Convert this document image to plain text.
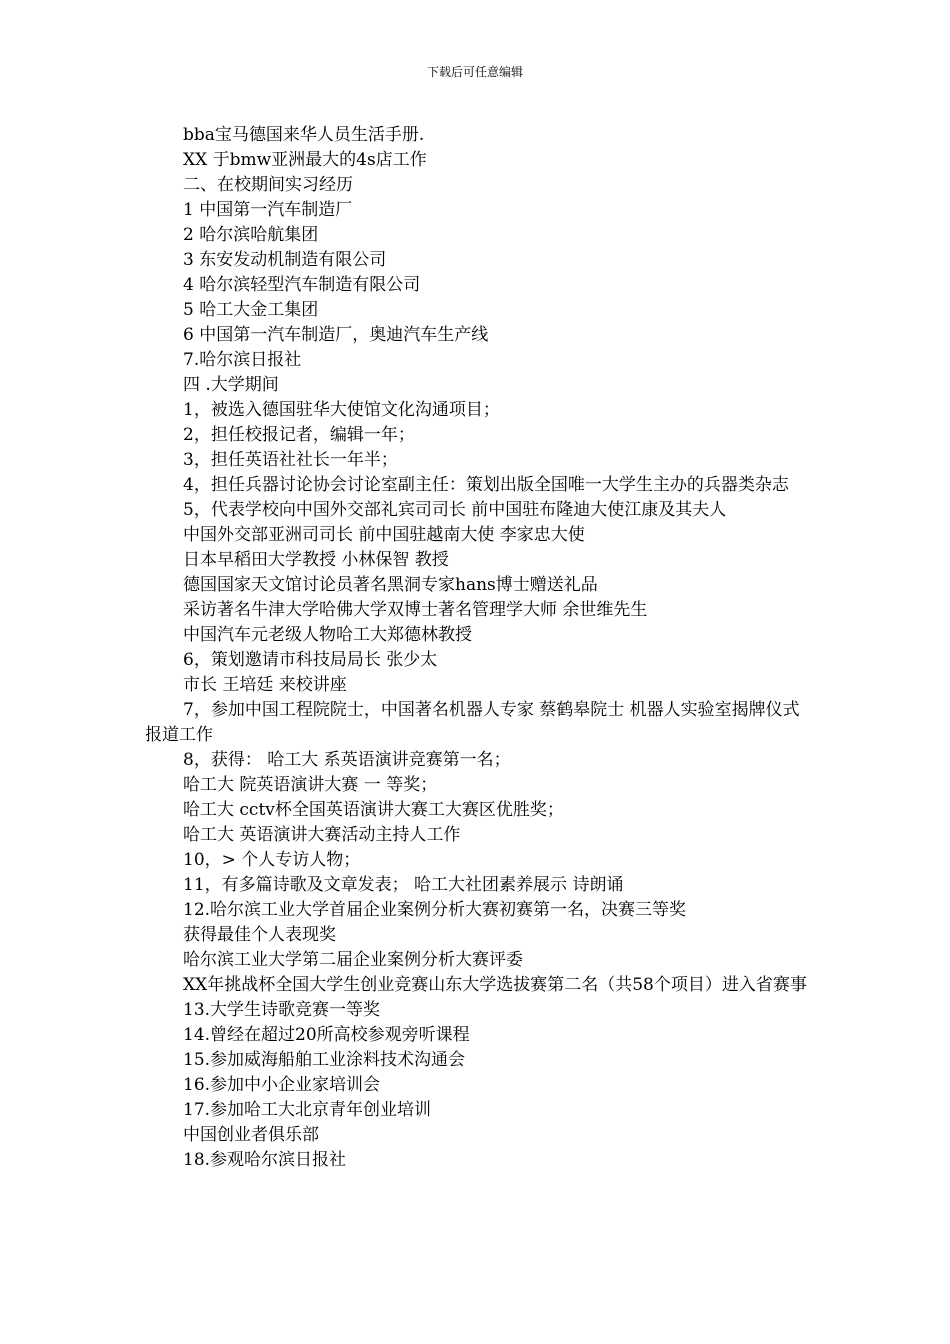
下载后可任意编辑
bba宝马德国来华人员生活手册.
XX 于bmw亚洲最大的4s店工作
二、在校期间实习经历
1 中国第一汽车制造厂
2 哈尔滨哈航集团
3 东安发动机制造有限公司
4 哈尔滨轻型汽车制造有限公司
5 哈工大金工集团
6 中国第一汽车制造厂，奥迪汽车生产线
7.哈尔滨日报社
四 .大学期间
1，被选入德国驻华大使馆文化沟通项目；
2，担任校报记者，编辑一年；
3，担任英语社社长一年半；
4，担任兵器讨论协会讨论室副主任：策划出版全国唯一大学生主办的兵器类杂志
5，代表学校向中国外交部礼宾司司长 前中国驻布隆迪大使江康及其夫人
中国外交部亚洲司司长 前中国驻越南大使 李家忠大使
日本早稻田大学教授 小林保智 教授
德国国家天文馆讨论员著名黑洞专家hans博士赠送礼品
采访著名牛津大学哈佛大学双博士著名管理学大师 余世维先生
中国汽车元老级人物哈工大郑德林教授
6，策划邀请市科技局局长 张少太
市长 王培廷 来校讲座
7，参加中国工程院院士，中国著名机器人专家 蔡鹤皋院士 机器人实验室揭牌仪式报道工作
8，获得： 哈工大 系英语演讲竞赛第一名；
哈工大 院英语演讲大赛 一 等奖；
哈工大 cctv杯全国英语演讲大赛工大赛区优胜奖；
哈工大 英语演讲大赛活动主持人工作
10，> 个人专访人物；
11，有多篇诗歌及文章发表； 哈工大社团素养展示 诗朗诵
12.哈尔滨工业大学首届企业案例分析大赛初赛第一名，决赛三等奖
获得最佳个人表现奖
哈尔滨工业大学第二届企业案例分析大赛评委
XX年挑战杯全国大学生创业竞赛山东大学选拔赛第二名（共58个项目）进入省赛事
13.大学生诗歌竞赛一等奖
14.曾经在超过20所高校参观旁听课程
15.参加威海船舶工业涂料技术沟通会
16.参加中小企业家培训会
17.参加哈工大北京青年创业培训
中国创业者俱乐部
18.参观哈尔滨日报社
